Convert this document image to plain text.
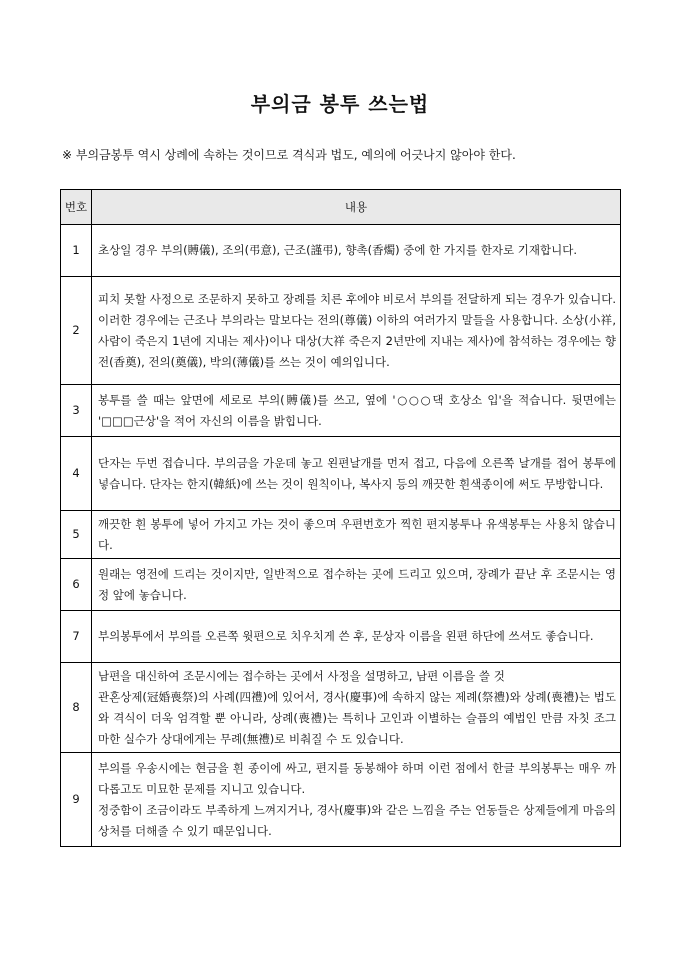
부의금 봉투 쓰는법
※ 부의금봉투 역시 상례에 속하는 것이므로 격식과 법도, 예의에 어긋나지 않아야 한다.
번호	내용
1	초상일 경우 부의(賻儀), 조의(弔意), 근조(謹弔), 향촉(香燭) 중에 한 가지를 한자로 기재합니다.

2	피치 못할 사정으로 조문하지 못하고 장례를 치른 후에야 비로서 부의를 전달하게 되는 경우가 있습니다. 이러한 경우에는 근조나 부의라는 말보다는 전의(尊儀) 이하의 여러가지 말들을 사용합니다. 소상(小祥, 사람이 죽은지 1년에 지내는 제사)이나 대상(大祥 죽은지 2년만에 지내는 제사)에 참석하는 경우에는 향전(香奠), 전의(奠儀), 박의(薄儀)를 쓰는 것이 예의입니다.

3	봉투를 쓸 때는 앞면에 세로로 부의(賻儀)를 쓰고, 옆에 '○○○댁 호상소 입'을 적습니다. 뒷면에는 '□□□근상'을 적어 자신의 이름을 밝힙니다.

4	단자는 두번 접습니다. 부의금을 가운데 놓고 왼편날개를 먼저 접고, 다음에 오른쪽 날개를 접어 봉투에 넣습니다. 단자는 한지(韓紙)에 쓰는 것이 원칙이나, 복사지 등의 깨끗한 흰색종이에 써도 무방합니다.

5	깨끗한 흰 봉투에 넣어 가지고 가는 것이 좋으며 우편번호가 찍힌 편지봉투나 유색봉투는 사용치 않습니다.

6	원래는 영전에 드리는 것이지만, 일반적으로 접수하는 곳에 드리고 있으며, 장례가 끝난 후 조문시는 영정 앞에 놓습니다.

7	부의봉투에서 부의를 오른쪽 윗편으로 치우치게 쓴 후, 문상자 이름을 왼편 하단에 쓰셔도 좋습니다.

8	남편을 대신하여 조문시에는 접수하는 곳에서 사정을 설명하고, 남편 이름을 쓸 것

관혼상제(冠婚喪祭)의 사례(四禮)에 있어서, 경사(慶事)에 속하지 않는 제례(祭禮)와 상례(喪禮)는 법도와 격식이 더욱 엄격할 뿐 아니라, 상례(喪禮)는 특히나 고인과 이별하는 슬픔의 예법인 만큼 자칫 조그마한 실수가 상대에게는 무례(無禮)로 비춰질 수 도 있습니다.

9	부의를 우송시에는 현금을 흰 종이에 싸고, 편지를 동봉해야 하며 이런 점에서 한글 부의봉투는 매우 까다롭고도 미묘한 문제를 지니고 있습니다.

정중함이 조금이라도 부족하게 느껴지거나, 경사(慶事)와 같은 느낌을 주는 언동들은 상제들에게 마음의 상처를 더해줄 수 있기 때문입니다.
